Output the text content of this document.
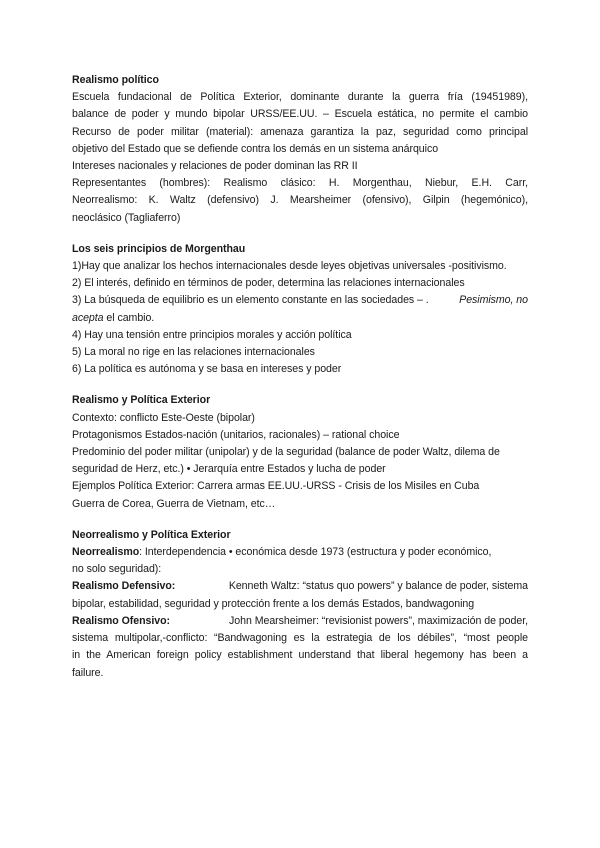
Realismo político
Escuela fundacional de Política Exterior, dominante durante la guerra fría (19451989),
balance de poder y mundo bipolar URSS/EE.UU. – Escuela estática, no permite el cambio
Recurso de poder militar (material): amenaza garantiza la paz, seguridad como principal
objetivo del Estado que se defiende contra los demás en un sistema anárquico
Intereses nacionales y relaciones de poder dominan las RR II
Representantes (hombres): Realismo clásico: H. Morgenthau, Niebur, E.H. Carr,
Neorrealismo: K. Waltz (defensivo) J. Mearsheimer (ofensivo), Gilpin (hegemónico),
neoclásico (Tagliaferro)
Los seis principios de Morgenthau
1)Hay que analizar los hechos internacionales desde leyes objetivas universales -positivismo.
2) El interés, definido en términos de poder, determina las relaciones internacionales
3) La búsqueda de equilibrio es un elemento constante en las sociedades – .	Pesimismo, no
acepta el cambio.
4) Hay una tensión entre principios morales y acción política
5) La moral no rige en las relaciones internacionales
6) La política es autónoma y se basa en intereses y poder
Realismo y Política Exterior
Contexto: conflicto Este-Oeste (bipolar)
Protagonismos Estados-nación (unitarios, racionales) – rational choice
Predominio del poder militar (unipolar) y de la seguridad (balance de poder Waltz, dilema de
seguridad de Herz, etc.) • Jerarquía entre Estados y lucha de poder
Ejemplos Política Exterior: Carrera armas EE.UU.-URSS - Crisis de los Misiles en Cuba
Guerra de Corea, Guerra de Vietnam, etc…
Neorrealismo y Política Exterior
Neorrealismo: Interdependencia • económica desde 1973 (estructura y poder económico,
no solo seguridad):
Realismo Defensivo:	Kenneth Waltz: “status quo powers” y balance de poder, sistema
bipolar, estabilidad, seguridad y protección frente a los demás Estados, bandwagoning
Realismo Ofensivo:	John Mearsheimer: “revisionist powers”, maximización de poder,
sistema multipolar,-conflicto: “Bandwagoning es la estrategia de los débiles”, “most people
in the American foreign policy establishment understand that liberal hegemony has been a
failure.
